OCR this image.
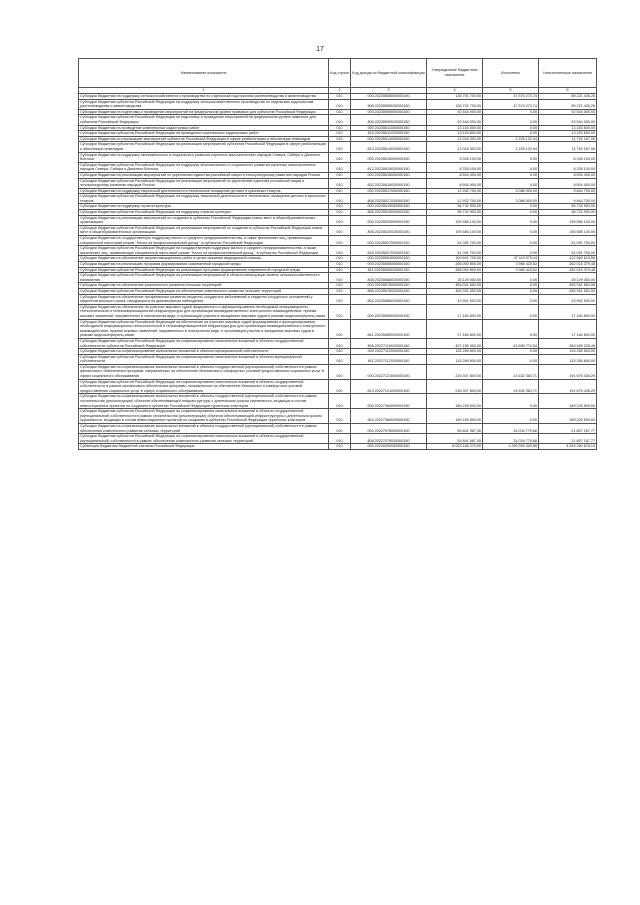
17
Наименование показателя	Код строки	Код дохода по бюджетной классификации	Утвержденные бюджетные назначения	Исполнено	Неисполненные назначения
1	2	3	4	5	6
Субсидии бюджетам на поддержку сельскохозяйственного производства по отдельным подотраслям растениеводства и животноводства	010	000 20235508000000150	136 791 700,00	47 570 273,74	89 221 426,26
Субсидии бюджетам субъектов Российской Федерации на поддержку сельскохозяйственного производства по отдельным подотраслям растениеводства и животноводства	010	908 20235508020000150	136 791 700,00	47 570 273,74	89 221 426,26
Субсидии бюджетам на подготовку и проведение мероприятий на федеральном уровне правовых для субъектов Российской Федерации	010	000 20235509000000150	92 544 000,00	0,00	92 544 000,00
Субсидии бюджетам субъектов Российской Федерации на подготовку и проведение мероприятий на федеральном уровне памятных для субъектов Российской Федерации	010	806 20235509020000150	92 544 000,00	0,00	92 544 000,00
Субсидии бюджетам на проведение комплексных кадастровых работ	010	000 20235511000000150	13 153 600,00	0,00	13 153 600,00
Субсидии бюджетам субъектов Российской Федерации на проведение комплексных кадастровых работ	010	815 20235511020000150	13 153 600,00	0,00	13 153 600,00
Субсидии бюджетам на реализацию мероприятий субъектов Российской Федерации в сфере реабилитации и абилитации инвалидов	010	000 20235514000000150	13 018 300,00	1 226 132,94	11 792 167,06
Субсидии бюджетам субъектов Российской Федерации на реализацию мероприятий субъектов Российской Федерации в сфере реабилитации и абилитации инвалидов	010	813 20235514020000150	13 018 300,00	1 226 132,94	11 792 167,06
Субсидии бюджетам на поддержку экономического и социального развития коренных малочисленных народов Севера, Сибири и Дальнего Востока	010	000 20235515000000150	8 335 100,00	0,00	8 335 100,00
Субсидии бюджетам субъектов Российской Федерации на поддержку экономического и социального развития коренных малочисленных народов Севера, Сибири и Дальнего Востока	010	812 20235515020000150	8 335 100,00	0,00	8 335 100,00
Субсидии бюджетам на реализацию мероприятий по укреплению единства российской нации и этнокультурному развитию народов России	010	000 20235516000000150	8 504 400,00	0,00	8 504 400,00
Субсидии бюджетам субъектов Российской Федерации на реализацию мероприятий по укреплению единства российской нации и этнокультурному развитию народов России	010	820 20235516020000150	8 504 400,00	0,00	8 504 400,00
Субсидии бюджетам на поддержку творческой деятельности и техническое оснащение детских и кукольных театров	010	000 20235517000000150	12 932 700,00	3 088 000,00	9 844 700,00
Субсидии бюджетам субъектов Российской Федерации на поддержку творческой деятельности и техническое оснащение детских и кукольных театров	010	806 20235517020000150	12 932 700,00	3 088 000,00	9 844 700,00
Субсидии бюджетам на поддержку отрасли культуры	010	000 20235519000000150	96 732 900,00	0,00	96 732 900,00
Субсидии бюджетам субъектов Российской Федерации на поддержку отрасли культуры	010	806 20235519020000150	96 732 900,00	0,00	96 732 900,00
Субсидии бюджетам на реализацию мероприятий по созданию в субъектах Российской Федерации новых мест в общеобразовательных организациях	010	000 20235520000000150	195 585 100,00	0,00	195 585 100,00
Субсидии бюджетам субъектов Российской Федерации на реализацию мероприятий по созданию в субъектах Российской Федерации новых мест в общеобразовательных организациях	010	806 20235520020000150	195 585 100,00	0,00	195 585 100,00
Субсидии бюджетам на государственную поддержку малого и среднего предпринимательства, а также физических лиц, применяющих специальный налоговый режим "Налог на профессиональный доход", в субъектах Российской Федерации	010	000 20235527000000150	51 091 700,00	0,00	51 091 700,00
Субсидии бюджетам субъектов Российской Федерации на государственную поддержку малого и среднего предпринимательства, а также физических лиц, применяющих специальный налоговый режим "Налог на профессиональный доход", в субъектах Российской Федерации	010	818 20235527020000150	51 091 700,00	0,00	51 091 700,00
Субсидии бюджетам на обеспечение закупки авиационных работ в целях оказания медицинской помощи	010	000 20235554000000150	169 601 700,00	47 119 075,44	122 582 624,56
Субсидии бюджетам на реализацию программ формирования современной городской среды	010	000 20235555000000150	266 000 800,00	3 985 420,52	262 015 379,48
Субсидии бюджетам субъектов Российской Федерации на реализацию программ формирования современной городской среды	010	811 20235555020000150	266 000 800,00	3 985 420,52	262 015 379,48
Субсидии бюджетам субъектов Российской Федерации на реализацию мероприятий в области мелиорации земель сельскохозяйственного назначения	010	808 20235568020000150	28 129 000,00	0,00	28 129 000,00
Субсидии бюджетам на обеспечение комплексного развития сельских территорий	010	000 20235576000000150	455 931 652,55	0,00	455 931 652,55
Субсидии бюджетам субъектов Российской Федерации на обеспечение комплексного развития сельских территорий	010	808 20235576020000150	455 931 652,55	0,00	455 931 652,55
Субсидии бюджетам на обеспечение профилактики развития сердечно-сосудистых заболеваний и сердечно-сосудистых осложнений у пациентов высокого риска, находящихся на диспансерном наблюдении	010	804 20235586020000150	43 901 500,00	0,00	43 901 500,00
Субсидии бюджетам на обеспечение на участках мировых судей федерального и функционирования необходимой информационно-технологической и телекоммуникационной инфраструктуры для организации межведомственного электронного взаимодействия, приема исковых заявлений, направленных в электронном виде, и организации участия в заседаниях мировых судов в режиме видеоконференц-связи	010	000 20235589000000150	17 184 800,00	0,00	17 184 800,00
Субсидии бюджетам субъектов Российской Федерации на обеспечение на участках мировых судей формирования и функционирования необходимой информационно-технологической и телекоммуникационной инфраструктуры для организации межведомственного электронного взаимодействия, приема исковых заявлений, направленных в электронном виде, и организации участия в заседаниях мировых судов в режиме видеоконференц-связи	010	841 20235589020000150	17 184 800,00	0,00	17 184 800,00
Субсидии бюджетам субъектов Российской Федерации на софинансирование капитальных вложений в объекты государственной собственности субъектов Российской Федерации	010	805 20227110020000150	407 190 000,00	43 690 774,54	363 499 225,46
Субсидии бюджетам на софинансирование капитальных вложений в объекты муниципальной собственности	010	000 20227112000000150	115 289 600,00	0,00	115 289 600,00
Субсидии бюджетам субъектов Российской Федерации на софинансирование капитальных вложений в объекты муниципальной собственности	010	811 20227112020000150	115 289 600,00	0,00	115 289 600,00
Субсидии бюджетам на софинансирование капитальных вложений в объекты государственной (муниципальной) собственности в рамках финансового обеспечения программ, направленных на обеспечение безопасных и комфортных условий предоставления социальных услуг в сфере социального обслуживания	010	000 20227121000000150	216 307 800,00	24 632 363,71	191 675 436,29
Субсидии бюджетам субъектов Российской Федерации на софинансирование капитальных вложений в объекты государственной собственности в рамках финансового обеспечения программ, направленных на обеспечение безопасных и комфортных условий предоставления социальных услуг в сфере социального обслуживания	010	813 20227121020000150	216 307 800,00	24 632 363,71	191 675 436,29
Субсидии бюджетам на софинансирование капитальных вложений в объекты государственной (муниципальной) собственности в рамках строительства (реконструкции) объектов обеспечивающей инфраструктуры с длительным сроком окупаемости, входящих в состав инвестиционных проектов по созданию в субъектах Российской Федерации туристских кластеров	010	000 20227384000000150	189 225 500,00	0,00	189 225 500,00
Субсидии бюджетам субъектов Российской Федерации на софинансирование капитальных вложений в объекты государственной (муниципальной) собственности в рамках строительства (реконструкции) объектов обеспечивающей инфраструктуры с длительным сроком окупаемости, входящих в состав инвестиционных проектов по созданию в субъектах Российской Федерации туристских кластеров	010	843 20227384020000150	189 225 500,00	0,00	189 225 500,00
Субсидии бюджетам на софинансирование капитальных вложений в объекты государственной (муниципальной) собственности в рамках обеспечения комплексного развития сельских территорий	010	000 20227576000000150	55 841 967,45	34 034 779,68	21 807 187,77
Субсидии бюджетам субъектов Российской Федерации на софинансирование капитальных вложений в объекты государственной (муниципальной) собственности в рамках обеспечения комплексного развития сельских территорий	010	808 20227576020000150	55 841 967,45	34 034 779,68	21 807 187,77
Субвенции бюджетам бюджетной системы Российской Федерации	010	000 20230000000000150	6 003 156 270,00	1 299 355 320,86	4 639 260 678,14
